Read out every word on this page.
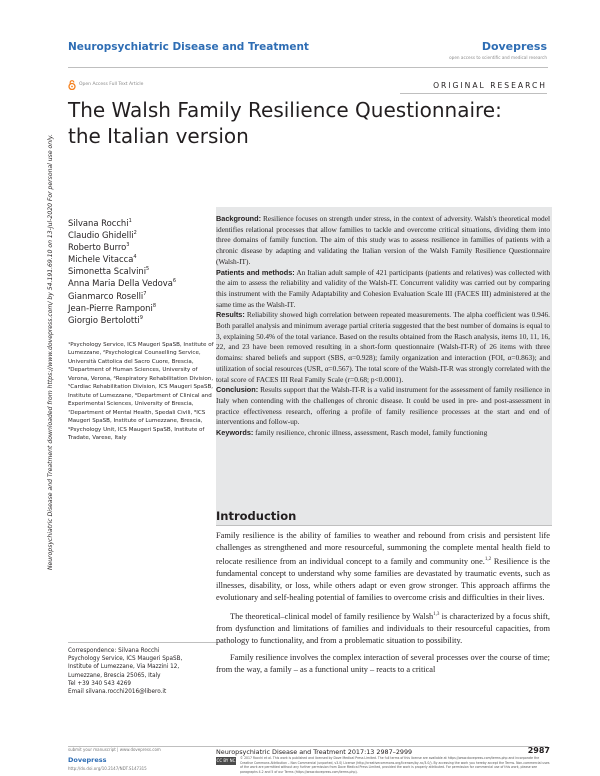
Neuropsychiatric Disease and Treatment	Dovepress
open access to scientific and medical research
Open Access Full Text Article	ORIGINAL RESEARCH
The Walsh Family Resilience Questionnaire: the Italian version
Neuropsychiatric Disease and Treatment downloaded from https://www.dovepress.com/ by 54.191.69.10 on 13-Jul-2020 For personal use only. Silvana Rocchi$^1$
Claudio Ghidelli$^2$
Roberto Burro$^3$
Michele Vitacca$^4$
Simonetta Scalvini$^5$
Anna Maria Della Vedova$^6$
Gianmarco Roselli$^7$
Jean-Pierre Ramponi$^8$
Giorgio Bertolotti$^9$

¹Psychology Service, ICS Maugeri SpaSB, Institute of Lumezzane, ²Psychological Counselling Service, Università Cattolica del Sacro Cuore, Brescia, ³Department of Human Sciences, University of Verona, Verona, ⁴Respiratory Rehabilitation Division, ⁵Cardiac Rehabilitation Division, ICS Maugeri SpaSB, Institute of Lumezzane, ⁶Department of Clinical and Experimental Sciences, University of Brescia, ⁷Department of Mental Health, Spedali Civili, ⁸ICS Maugeri SpaSB, Institute of Lumezzane, Brescia, ⁹Psychology Unit, ICS Maugeri SpaSB, Institute of Tradate, Varese, Italy

Correspondence: Silvana Rocchi

Psychology Service, ICS Maugeri SpaSB,

Institute of Lumezzane, Via Mazzini 12,

Lumezzane, Brescia 25065, Italy

Tel +39 340 543 4269

Email silvana.rocchi2016@libero.it

Background: Resilience focuses on strength under stress, in the context of adversity. Walsh's theoretical model identifies relational processes that allow families to tackle and overcome critical situations, dividing them into three domains of family function. The aim of this study was to assess resilience in families of patients with a chronic disease by adapting and validating the Italian version of the Walsh Family Resilience Questionnaire (Walsh-IT).

Patients and methods: An Italian adult sample of 421 participants (patients and relatives) was collected with the aim to assess the reliability and validity of the Walsh-IT. Concurrent validity was carried out by comparing this instrument with the Family Adaptability and Cohesion Evaluation Scale III (FACES III) administered at the same time as the Walsh-IT.

Results: Reliability showed high correlation between repeated measurements. The alpha coefficient was 0.946. Both parallel analysis and minimum average partial criteria suggested that the best number of domains is equal to 3, explaining 50.4% of the total variance. Based on the results obtained from the Rasch analysis, items 10, 11, 16, 22, and 23 have been removed resulting in a short-form questionnaire (Walsh-IT-R) of 26 items with three domains: shared beliefs and support (SBS, α=0.928); family organization and interaction (FOI, α=0.863); and utilization of social resources (USR, α=0.567). The total score of the Walsh-IT-R was strongly correlated with the total score of FACES III Real Family Scale (r=0.68; p<0.0001).

Conclusion: Results support that the Walsh-IT-R is a valid instrument for the assessment of family resilience in Italy when contending with the challenges of chronic disease. It could be used in pre- and post-assessment in practice effectiveness research, offering a profile of family resilience processes at the start and end of interventions and follow-up.

Keywords: family resilience, chronic illness, assessment, Rasch model, family functioning

Introduction

Family resilience is the ability of families to weather and rebound from crisis and persistent life challenges as strengthened and more resourceful, summoning the complete mental health field to relocate resilience from an individual concept to a family and community one.$^{1,2}$ Resilience is the fundamental concept to understand why some families are devastated by traumatic events, such as illnesses, disability, or loss, while others adapt or even grow stronger. This approach affirms the evolutionary and self-healing potential of families to overcome crisis and difficulties in their lives.

The theoretical–clinical model of family resilience by Walsh$^{1,3}$ is characterized by a focus shift, from dysfunction and limitations of families and individuals to their resourceful capacities, from pathology to functionality, and from a problematic situation to possibility.

Family resilience involves the complex interaction of several processes over the course of time; from the way, a family – as a functional unity – reacts to a critical

submit your manuscript | www.dovepress.com
Dovepress
http://dx.doi.org/10.2147/NDT.S147315
Neuropsychiatric Disease and Treatment 2017:13 2987–2999	2987
CC BY NC © 2017 Rocchi et al. This work is published and licensed by Dove Medical Press Limited. The full terms of this license are available at https://www.dovepress.com/terms.php and incorporate the Creative Commons Attribution – Non Commercial (unported, v3.0) License (http://creativecommons.org/licenses/by-nc/3.0/). By accessing the work you hereby accept the Terms. Non-commercial uses of the work are permitted without any further permission from Dove Medical Press Limited, provided the work is properly attributed. For permission for commercial use of this work, please see paragraphs 4.2 and 5 of our Terms (https://www.dovepress.com/terms.php).
